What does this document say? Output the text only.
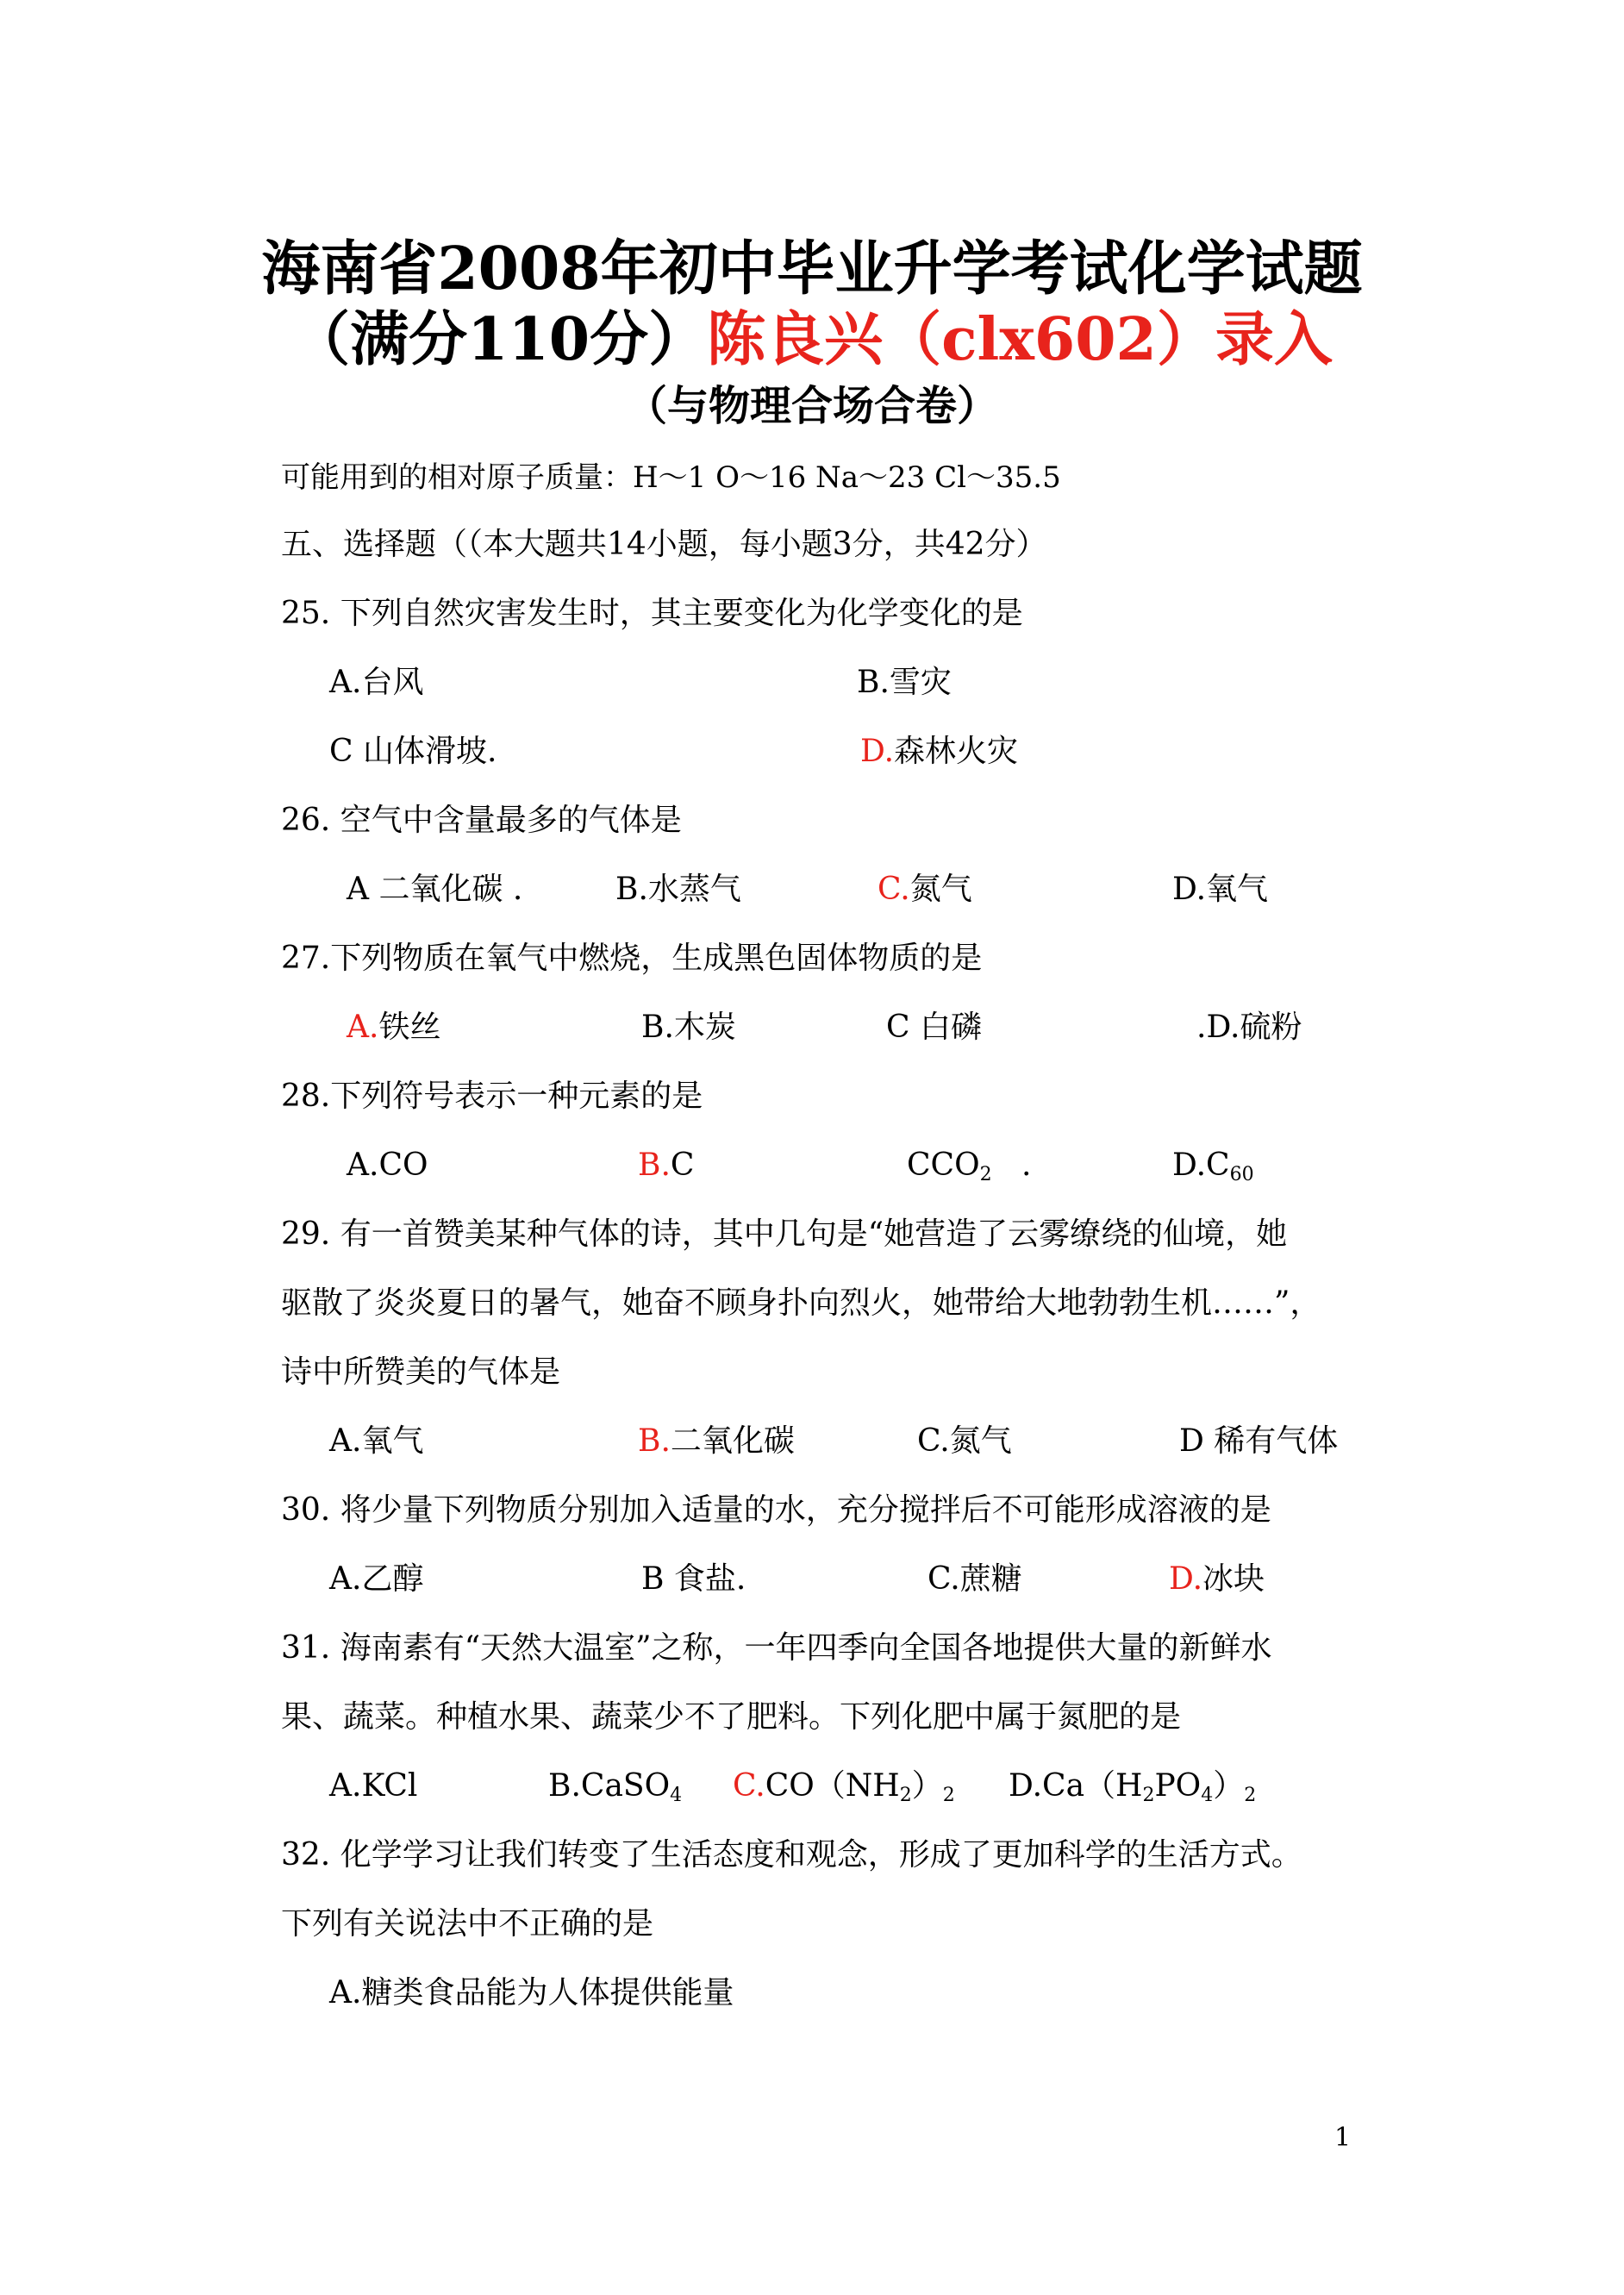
海南省2008年初中毕业升学考试化学试题
（满分110分）陈良兴（clx602）录入
（与物理合场合卷）
可能用到的相对原子质量：H～1 O～16 Na～23 Cl～35.5
五、选择题（（本大题共14小题，每小题3分，共42分）
25. 下列自然灾害发生时，其主要变化为化学变化的是
A.台风	B.雪灾
C 山体滑坡.	D.森林火灾
26. 空气中含量最多的气体是
A 二氧化碳 .	B.水蒸气	C.氮气	D.氧气
27.下列物质在氧气中燃烧，生成黑色固体物质的是
A.铁丝	B.木炭	C 白磷	.D.硫粉
28.下列符号表示一种元素的是
A.CO	B.C	$CCO_2$   .	$D.C_{60}$
29. 有一首赞美某种气体的诗，其中几句是“她营造了云雾缭绕的仙境，她
驱散了炎炎夏日的暑气，她奋不顾身扑向烈火，她带给大地勃勃生机……”，
诗中所赞美的气体是
A.氧气	B.二氧化碳	C.氮气	D 稀有气体
30. 将少量下列物质分别加入适量的水，充分搅拌后不可能形成溶液的是
A.乙醇	B 食盐.	C.蔗糖	D.冰块
31. 海南素有“天然大温室”之称，一年四季向全国各地提供大量的新鲜水
果、蔬菜。种植水果、蔬菜少不了肥料。下列化肥中属于氮肥的是
A.KCl	B.CaSO$_4$ $C.CO(NH_2)_2$ $D.Ca(H_2PO_4)_2$
32. 化学学习让我们转变了生活态度和观念，形成了更加科学的生活方式。
下列有关说法中不正确的是
A.糖类食品能为人体提供能量
1
